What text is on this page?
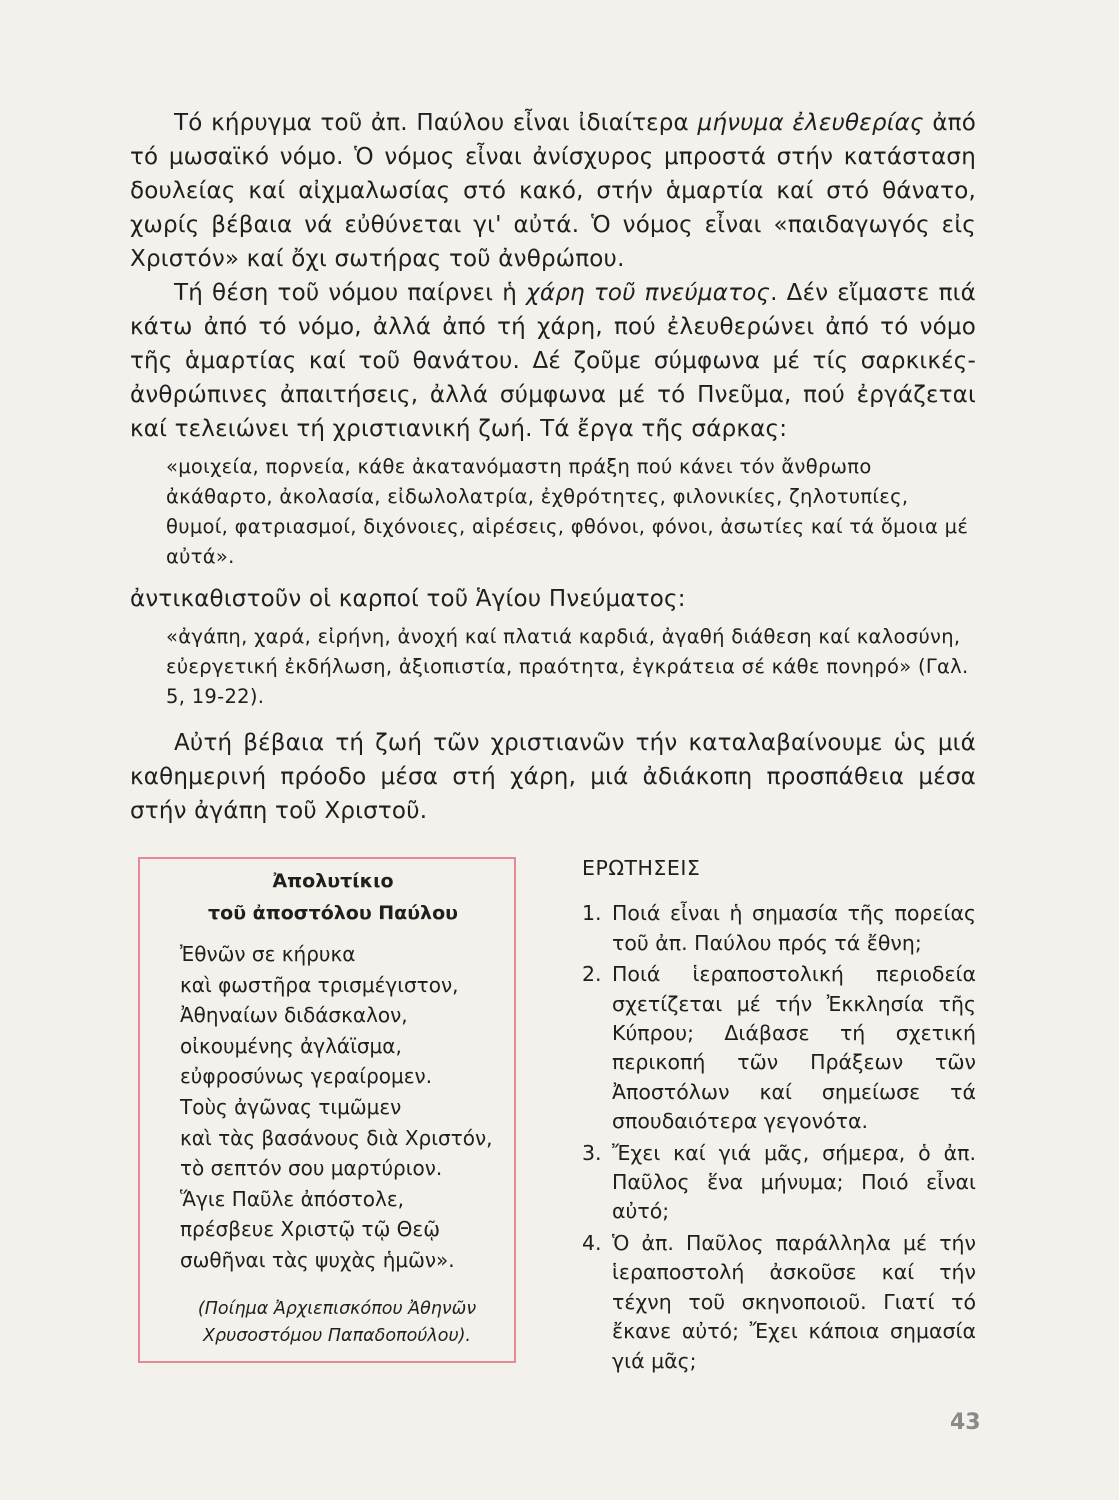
Τό κήρυγμα τοῦ ἀπ. Παύλου εἶναι ἰδιαίτερα μήνυμα ἐλευθερίας ἀπό τό μωσαϊκό νόμο. Ὁ νόμος εἶναι ἀνίσχυρος μπροστά στήν κατάσταση δουλείας καί αἰχμαλωσίας στό κακό, στήν ἁμαρτία καί στό θάνατο, χωρίς βέβαια νά εὐθύνεται γι' αὐτά. Ὁ νόμος εἶναι «παιδαγωγός εἰς Χριστόν» καί ὄχι σωτήρας τοῦ ἀνθρώπου.

Τή θέση τοῦ νόμου παίρνει ἡ χάρη τοῦ πνεύματος. Δέν εἴμαστε πιά κάτω ἀπό τό νόμο, ἀλλά ἀπό τή χάρη, πού ἐλευθερώνει ἀπό τό νόμο τῆς ἁμαρτίας καί τοῦ θανάτου. Δέ ζοῦμε σύμφωνα μέ τίς σαρκικές-ἀνθρώπινες ἀπαιτήσεις, ἀλλά σύμφωνα μέ τό Πνεῦμα, πού ἐργάζεται καί τελειώνει τή χριστιανική ζωή. Τά ἔργα τῆς σάρκας:

«μοιχεία, πορνεία, κάθε ἀκατανόμαστη πράξη πού κάνει τόν ἄνθρωπο ἀκάθαρτο, ἀκολασία, εἰδωλολατρία, ἐχθρότητες, φιλονικίες, ζηλοτυπίες, θυμοί, φατριασμοί, διχόνοιες, αἱρέσεις, φθόνοι, φόνοι, ἀσωτίες καί τά ὅμοια μέ αὐτά».

ἀντικαθιστοῦν οἱ καρποί τοῦ Ἁγίου Πνεύματος:

«ἀγάπη, χαρά, εἰρήνη, ἀνοχή καί πλατιά καρδιά, ἀγαθή διάθεση καί καλοσύνη, εὐεργετική ἐκδήλωση, ἀξιοπιστία, πραότητα, ἐγκράτεια σέ κάθε πονηρό» (Γαλ. 5, 19-22).

Αὐτή βέβαια τή ζωή τῶν χριστιανῶν τήν καταλαβαίνουμε ὡς μιά καθημερινή πρόοδο μέσα στή χάρη, μιά ἀδιάκοπη προσπάθεια μέσα στήν ἀγάπη τοῦ Χριστοῦ.

Ἀπολυτίκιο
τοῦ ἀποστόλου Παύλου
Ἐθνῶν σε κήρυκα
καὶ φωστῆρα τρισμέγιστον,
Ἀθηναίων διδάσκαλον,
οἰκουμένης ἀγλάϊσμα,
εὐφροσύνως γεραίρομεν.
Τοὺς ἀγῶνας τιμῶμεν
καὶ τὰς βασάνους διὰ Χριστόν,
τὸ σεπτόν σου μαρτύριον.
Ἅγιε Παῦλε ἀπόστολε,
πρέσβευε Χριστῷ τῷ Θεῷ
σωθῆναι τὰς ψυχὰς ἡμῶν».
(Ποίημα Ἀρχιεπισκόπου Ἀθηνῶν
Χρυσοστόμου Παπαδοπούλου).
ΕΡΩΤΗΣΕΙΣ
1. Ποιά εἶναι ἡ σημασία τῆς πορείας τοῦ ἀπ. Παύλου πρός τά ἔθνη;
2. Ποιά ἱεραποστολική περιοδεία σχετίζεται μέ τήν Ἐκκλησία τῆς Κύπρου; Διάβασε τή σχετική περικοπή τῶν Πράξεων τῶν Ἀποστόλων καί σημείωσε τά σπουδαιότερα γεγονότα.
3. Ἔχει καί γιά μᾶς, σήμερα, ὁ ἀπ. Παῦλος ἕνα μήνυμα; Ποιό εἶναι αὐτό;
4. Ὁ ἀπ. Παῦλος παράλληλα μέ τήν ἱεραποστολή ἀσκοῦσε καί τήν τέχνη τοῦ σκηνοποιοῦ. Γιατί τό ἔκανε αὐτό; Ἔχει κάποια σημασία γιά μᾶς;
43
